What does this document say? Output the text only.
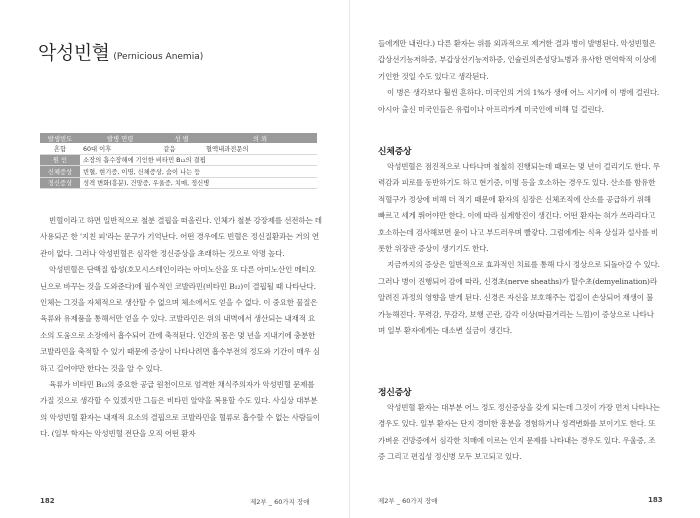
악성빈혈 (Pernicious Anemia)
발생빈도	발병 연령	성 별	의 뢰
흔함	60대 이후	같음	혈액내과전문의
원 인	소장의 흡수장해에 기인한 비타민 B₁₂의 결핍		
신체증상	빈혈, 현기증, 이명, 신체증상, 숨이 나는 등		
정신증상	성격 변화(흥분), 건망증, 우울증, 치매, 정신병		

빈혈이라고 하면 일반적으로 철분 결핍을 떠올린다. 인체가 철분 강장제를 선전하는 데 사용되곤 한 '지친 피'라는 문구가 기억난다. 어떤 경우에도 빈혈은 정신질환과는 거의 연관이 없다. 그러나 악성빈혈은 심각한 정신증상을 초래하는 것으로 악명 높다.

악성빈혈은 단백질 합성(호모시스테인이라는 아미노산을 또 다른 아미노산인 메티오닌으로 바꾸는 것을 도와준다)에 필수적인 코발라민(비타민 B₁₂)이 결핍될 때 나타난다. 인체는 그것을 자체적으로 생산할 수 없으며 체소에서도 얻을 수 없다. 이 중요한 물질은 육류와 유제품을 통해서만 얻을 수 있다. 코발라민은 위의 내벽에서 생산되는 내재적 요소의 도움으로 소장에서 흡수되어 간에 축적된다. 인간의 몸은 몇 년을 지내기에 충분한 코발라민을 축적할 수 있기 때문에 증상이 나타나려면 흡수부전의 정도와 기간이 매우 심하고 길어야만 한다는 것을 알 수 있다.

육류가 비타민 B₁₂의 중요한 공급 원천이므로 엄격한 채식주의자가 악성빈혈 문제를 가질 것으로 생각할 수 있겠지만 그들은 비타민 알약을 복용할 수도 있다. 사실상 대부분의 악성빈혈 환자는 내재적 요소의 결핍으로 코발라민을 혈류로 흡수할 수 없는 사람들이다. (일부 학자는 악성빈혈 전단을 오직 어떤 환자

182	제2부 _ 60가지 장애

들에게만 내린다.) 다른 환자는 위를 외과적으로 제거한 결과 병이 발병된다. 악성빈혈은 갑상선기능저하증, 부갑상선기능저하증, 인슐린의존성당뇨병과 유사한 면역학적 이상에 기인한 것일 수도 있다고 생각된다.

이 병은 생각보다 훨씬 흔하다. 미국인의 거의 1%가 생애 어느 시기에 이 병에 걸린다. 아시아 출신 미국인들은 유럽이나 아프리카계 미국인에 비해 덜 걸린다.

신체증상

악성빈혈은 점진적으로 나타나며 철철히 진행되는데 때로는 몇 년이 걸리기도 한다. 무력감과 피로를 동반하기도 하고 현기증, 이명 등을 호소하는 경우도 있다. 산소를 함유한 적혈구가 정상에 비해 더 적기 때문에 환자의 심장은 신체조직에 산소를 공급하기 위해 빠르고 세게 뛰어야만 한다. 이에 따라 심계항진이 생긴다. 어떤 환자는 혀가 쓰라리다고 호소하는데 검사해보면 윤이 나고 부드러우며 빨갛다. 그럼에게는 식욕 상실과 설사를 비롯한 위장관 증상이 생기기도 한다.

지금까지의 증상은 일반적으로 효과적인 치료를 통해 다시 정상으로 되돌아갈 수 있다. 그러나 병이 진행되어 감에 따라, 신경초(nerve sheaths)가 탈수초(demyelination)라 알려진 과정의 영향을 받게 된다. 신경은 자신을 보호해주는 껍질이 손상되어 재생이 불가능해진다. 무력감, 무감각, 보행 곤란, 감각 이상(따끔거리는 느낌)이 증상으로 나타나며 일부 환자에게는 대소변 실금이 생긴다.

정신증상

악성빈혈 환자는 대부분 어느 정도 정신증상을 갖게 되는데 그것이 가장 먼저 나타나는 경우도 있다. 일부 환자는 단지 경미한 흥분을 경험하거나 성격변화를 보이기도 한다. 또 가벼운 건망증에서 심각한 치매에 이르는 인지 문제를 나타내는 경우도 있다. 우울증, 조증 그리고 편집성 정신병 모두 보고되고 있다.

제2부 _ 60가지 장애	183
